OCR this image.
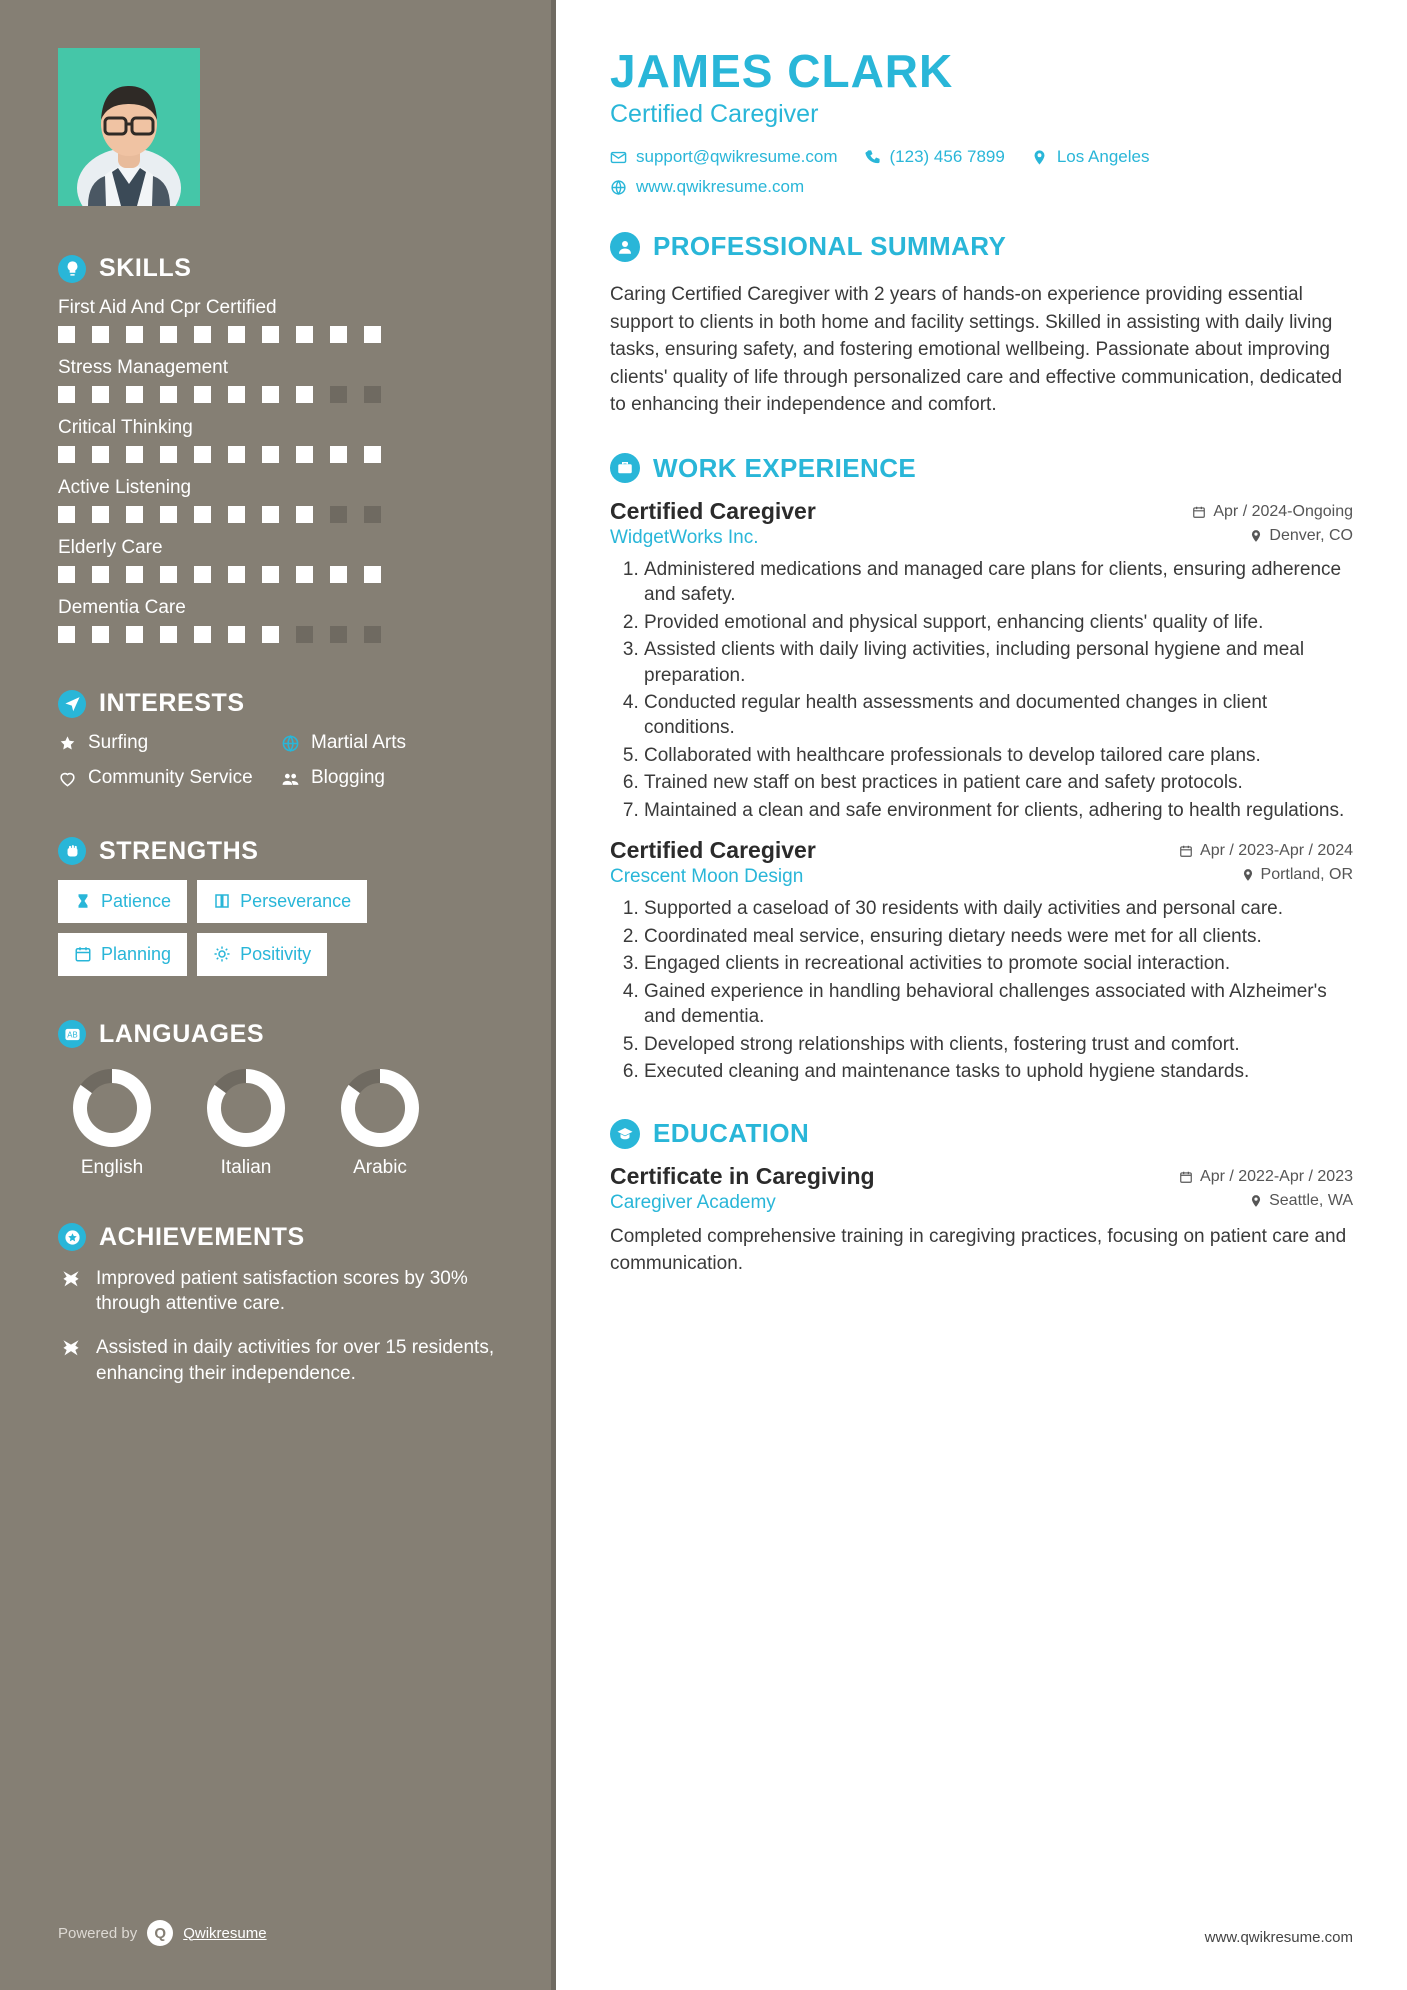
SKILLS
First Aid And Cpr Certified
Stress Management
Critical Thinking
Active Listening
Elderly Care
Dementia Care
INTERESTS
Surfing	Martial Arts
Community Service	Blogging
STRENGTHS
Patience	Perseverance
Planning	Positivity
AB LANGUAGES
English	Italian	Arabic
ACHIEVEMENTS
Improved patient satisfaction scores by 30% through attentive care.
Assisted in daily activities for over 15 residents, enhancing their independence.
Powered by	Q	Qwikresume
JAMES CLARK
Certified Caregiver
support@qwikresume.com	(123) 456 7899	Los Angeles
www.qwikresume.com
PROFESSIONAL SUMMARY

Caring Certified Caregiver with 2 years of hands-on experience providing essential support to clients in both home and facility settings. Skilled in assisting with daily living tasks, ensuring safety, and fostering emotional wellbeing. Passionate about improving clients' quality of life through personalized care and effective communication, dedicated to enhancing their independence and comfort.

WORK EXPERIENCE
Certified Caregiver	Apr / 2024-Ongoing
WidgetWorks Inc.	Denver, CO
1. Administered medications and managed care plans for clients, ensuring adherence and safety.
2. Provided emotional and physical support, enhancing clients' quality of life.
3. Assisted clients with daily living activities, including personal hygiene and meal preparation.
4. Conducted regular health assessments and documented changes in client conditions.
5. Collaborated with healthcare professionals to develop tailored care plans.
6. Trained new staff on best practices in patient care and safety protocols.
7. Maintained a clean and safe environment for clients, adhering to health regulations.
Certified Caregiver	Apr / 2023-Apr / 2024
Crescent Moon Design	Portland, OR
1. Supported a caseload of 30 residents with daily activities and personal care.
2. Coordinated meal service, ensuring dietary needs were met for all clients.
3. Engaged clients in recreational activities to promote social interaction.
4. Gained experience in handling behavioral challenges associated with Alzheimer's and dementia.
5. Developed strong relationships with clients, fostering trust and comfort.
6. Executed cleaning and maintenance tasks to uphold hygiene standards.
EDUCATION
Certificate in Caregiving	Apr / 2022-Apr / 2023
Caregiver Academy	Seattle, WA

Completed comprehensive training in caregiving practices, focusing on patient care and communication.

www.qwikresume.com
